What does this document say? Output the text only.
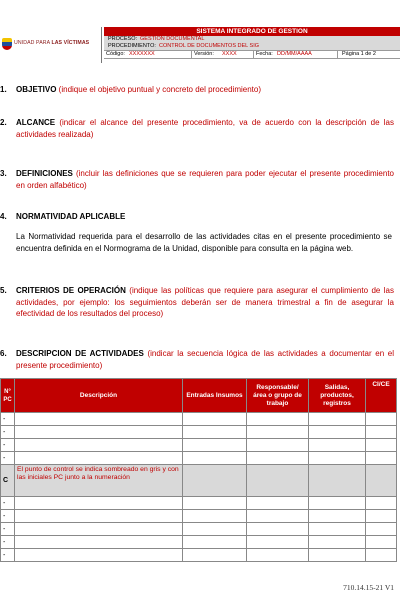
UNIDAD PARA LAS VÍCTIMAS
SISTEMA INTEGRADO DE GESTION
PROCESO: GESTION DOCUMENTAL
PROCEDIMIENTO: CONTROL DE DOCUMENTOS DEL SIG
Código: XXXXXXX	Versión: XXXX	Fecha: DD/MM/AAAA	Página 1 de 2
1.	OBJETIVO (indique el objetivo puntual y concreto del procedimiento)
2.	ALCANCE (indicar el alcance del presente procedimiento, va de acuerdo con la descripción de las actividades realizada)
3.	DEFINICIONES (incluir las definiciones que se requieren para poder ejecutar el presente procedimiento en orden alfabético)
4.	NORMATIVIDAD APLICABLE
La Normatividad requerida para el desarrollo de las actividades citas en el presente procedimiento se encuentra definida en el Normograma de la Unidad, disponible para consulta en la página web.
5.	CRITERIOS DE OPERACIÓN (indique las políticas que requiere para asegurar el cumplimiento de las actividades, por ejemplo: los seguimientos deberán ser de manera trimestral a fin de asegurar la efectividad de los resultados del proceso)
6.	DESCRIPCION DE ACTIVIDADES (indicar la secuencia lógica de las actividades a documentar en el presente procedimiento)
N° PC	Descripción	Entradas Insumos	Responsable/ área o grupo de trabajo	Salidas, productos, registros	CI/CE
-					
-					
-					
-					
C	El punto de control se indica sombreado en gris y con las iniciales PC junto a la numeración				
-					
-					
-					
-					
-					
710.14.15-21 V1
